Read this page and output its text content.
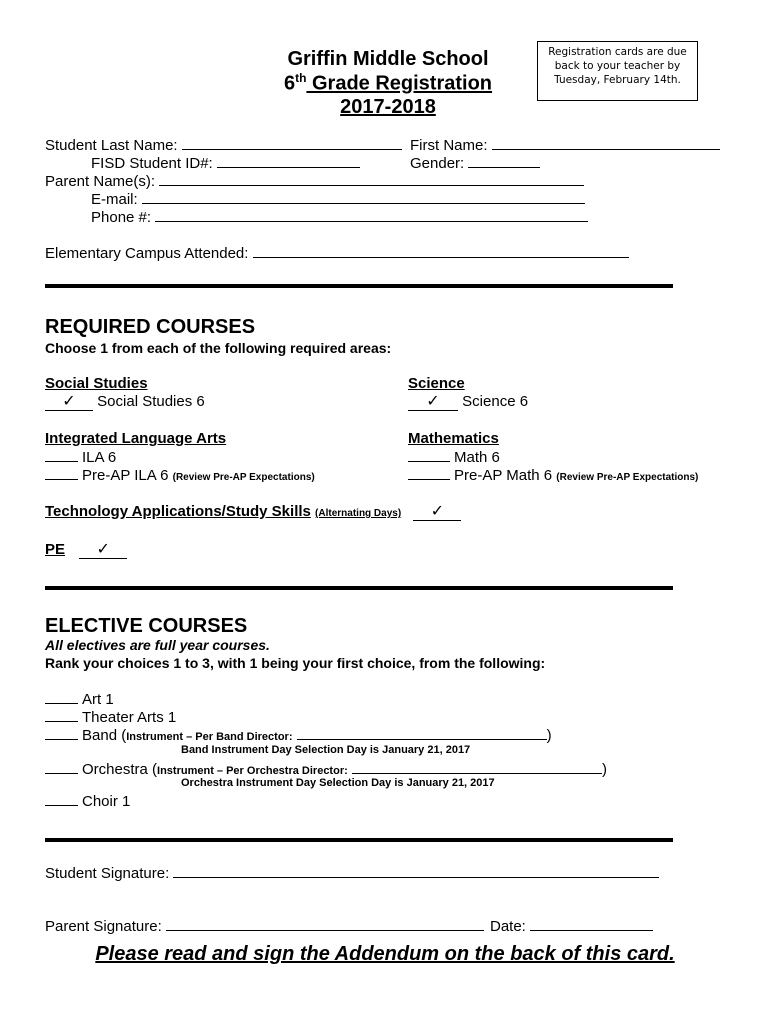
Griffin Middle School
6th Grade Registration
2017-2018
Registration cards are due
back to your teacher by
Tuesday, February 14th.
Student Last Name:	First Name:
FISD Student ID#:	Gender:
Parent Name(s):
E-mail:
Phone #:
Elementary Campus Attended:
REQUIRED COURSES
Choose 1 from each of the following required areas:
Social Studies
✓ Social Studies 6
Science
✓ Science 6
Integrated Language Arts
ILA 6
Pre-AP ILA 6 (Review Pre-AP Expectations)
Mathematics
Math 6
Pre-AP Math 6 (Review Pre-AP Expectations)
Technology Applications/Study Skills (Alternating Days) ✓
PE ✓
ELECTIVE COURSES
All electives are full year courses.
Rank your choices 1 to 3, with 1 being your first choice, from the following:
Art 1
Theater Arts 1
Band (Instrument – Per Band Director:	)
Band Instrument Day Selection Day is January 21, 2017
Orchestra (Instrument – Per Orchestra Director:	)
Orchestra Instrument Day Selection Day is January 21, 2017
Choir 1
Student Signature:
Parent Signature:	Date:
Please read and sign the Addendum on the back of this card.
